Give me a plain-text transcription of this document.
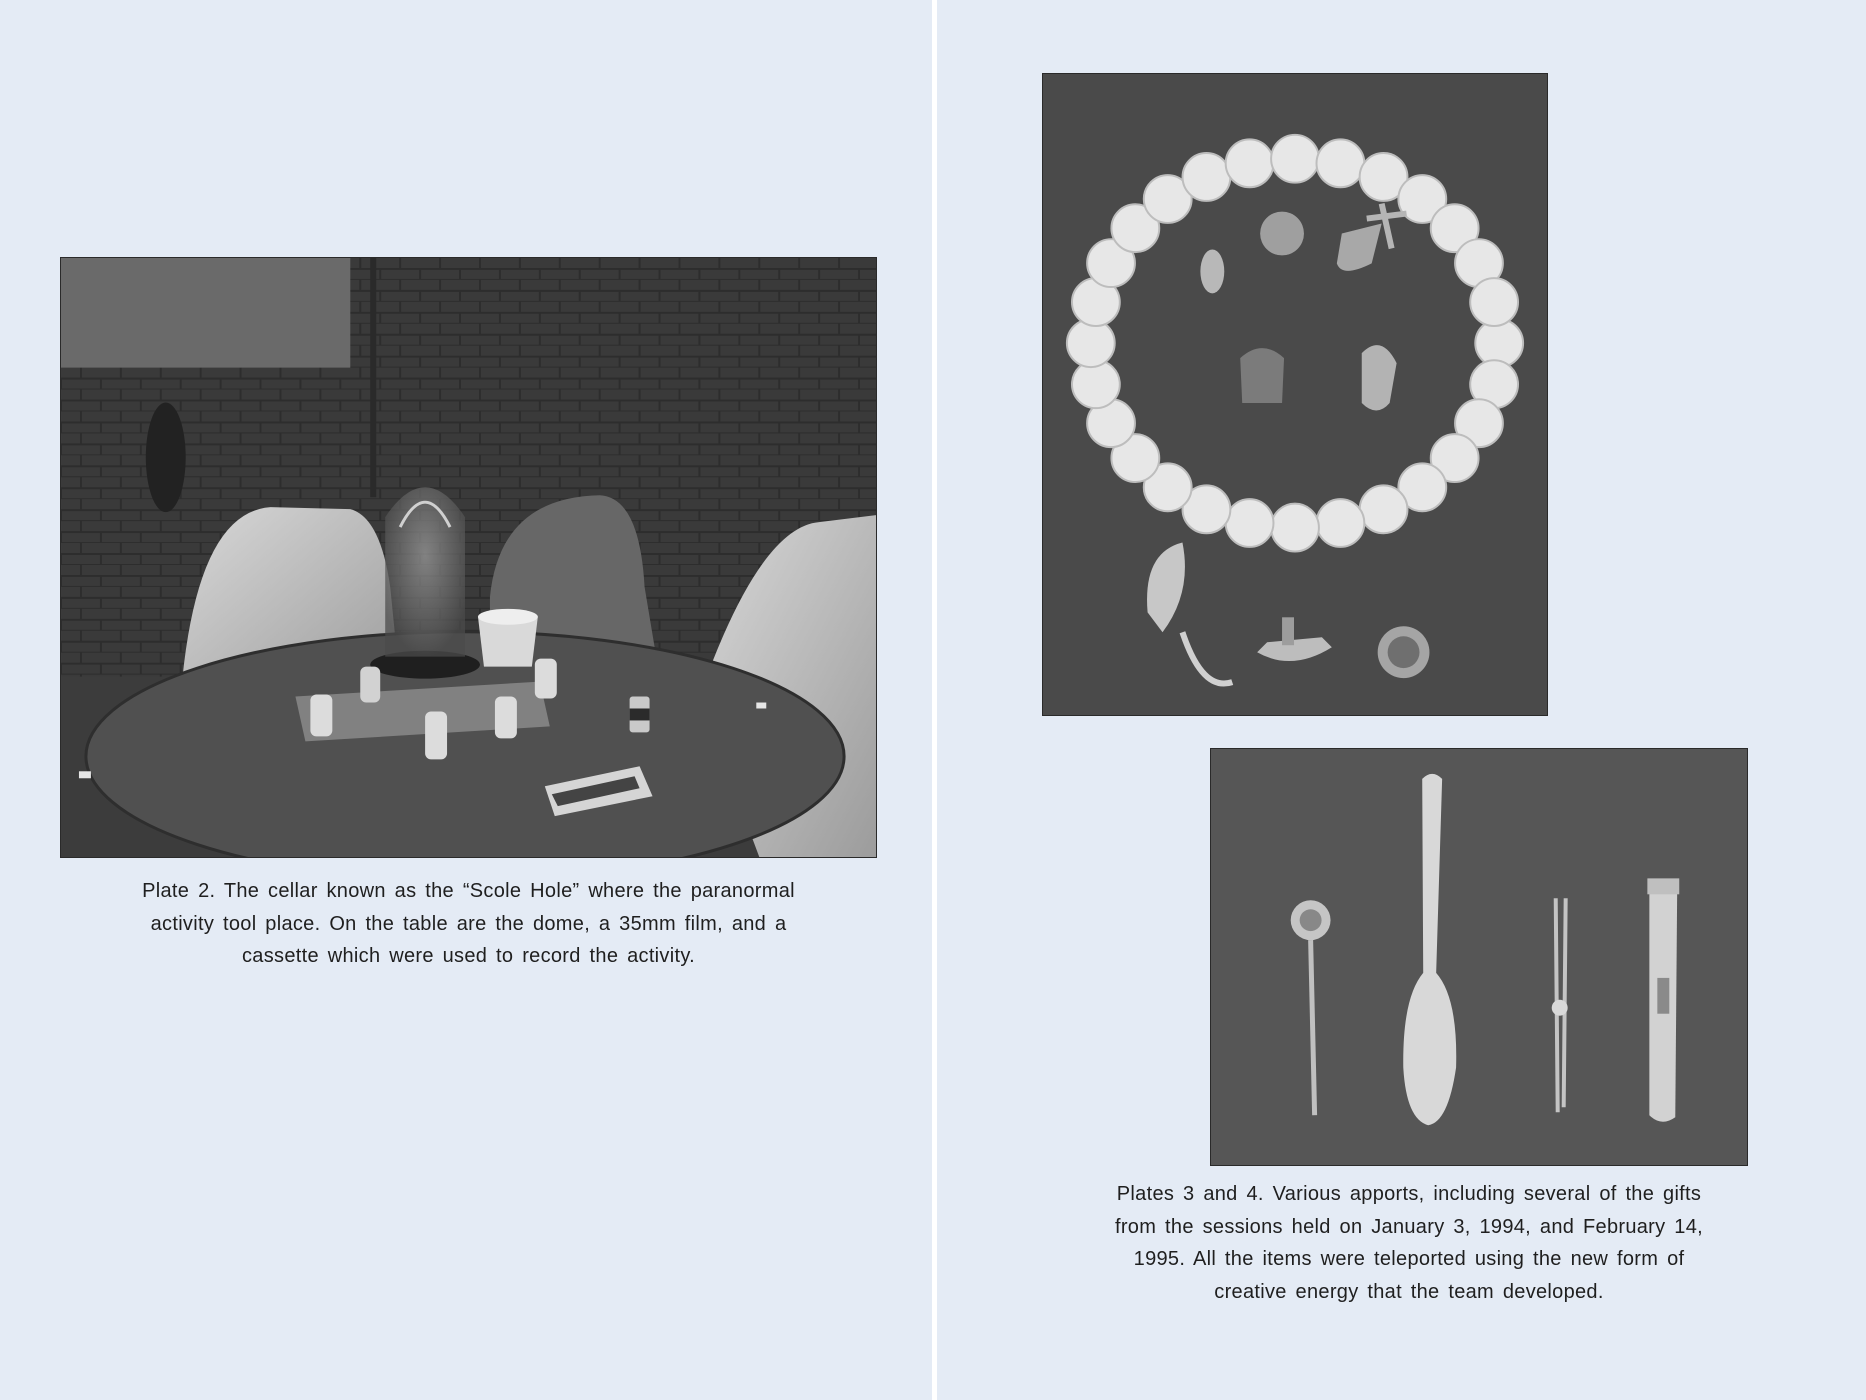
Plate 2. The cellar known as the “Scole Hole” where the paranormal
activity tool place. On the table are the dome, a 35mm film, and a
cassette which were used to record the activity.
Plates 3 and 4. Various apports, including several of the gifts
from the sessions held on January 3, 1994, and February 14,
1995. All the items were teleported using the new form of
creative energy that the team developed.
